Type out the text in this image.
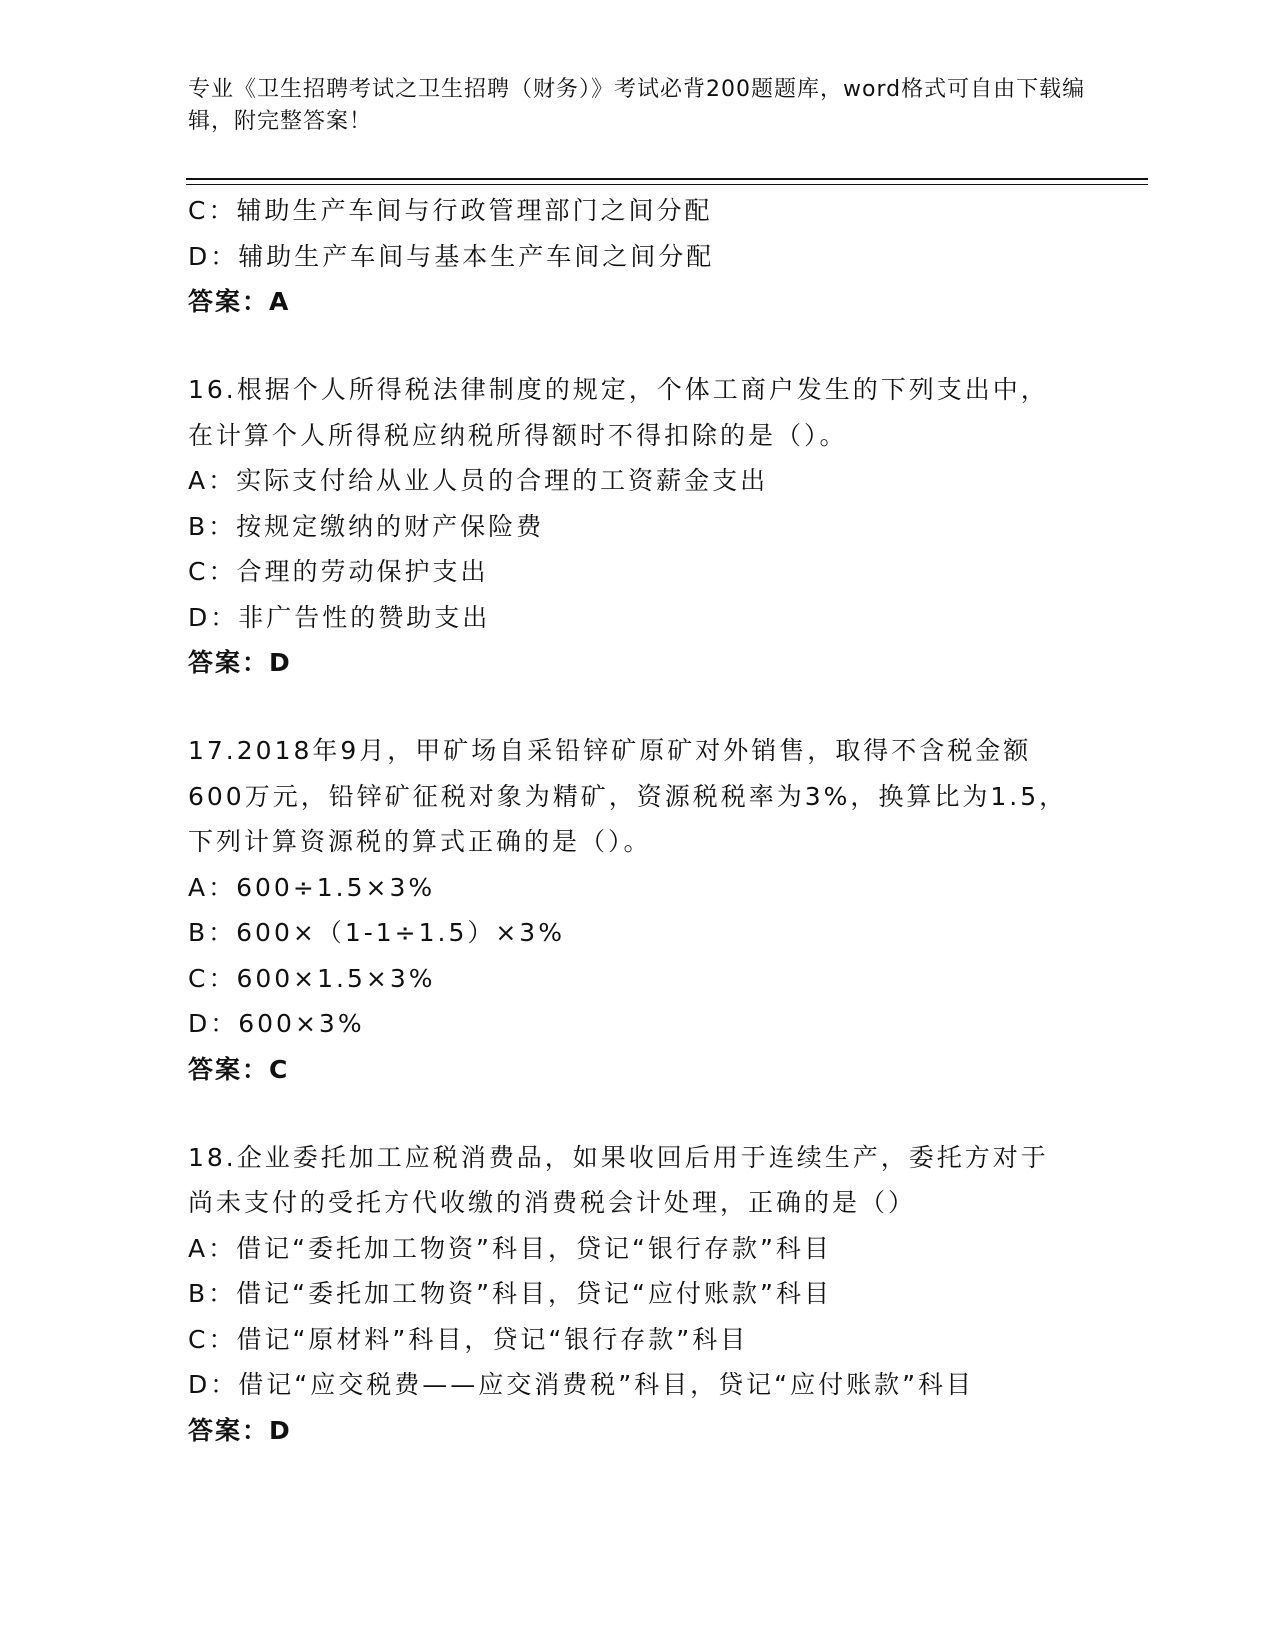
专业《卫生招聘考试之卫生招聘（财务）》考试必背200题题库，word格式可自由下载编辑，附完整答案！
C：辅助生产车间与行政管理部门之间分配
D：辅助生产车间与基本生产车间之间分配
答案：A
16.根据个人所得税法律制度的规定，个体工商户发生的下列支出中，
在计算个人所得税应纳税所得额时不得扣除的是（）。
A：实际支付给从业人员的合理的工资薪金支出
B：按规定缴纳的财产保险费
C：合理的劳动保护支出
D：非广告性的赞助支出
答案：D
17.2018年9月，甲矿场自采铅锌矿原矿对外销售，取得不含税金额
600万元，铅锌矿征税对象为精矿，资源税税率为3%，换算比为1.5，
下列计算资源税的算式正确的是（）。
A：600÷1.5×3%
B：600×（1-1÷1.5）×3%
C：600×1.5×3%
D：600×3%
答案：C
18.企业委托加工应税消费品，如果收回后用于连续生产，委托方对于
尚未支付的受托方代收缴的消费税会计处理，正确的是（）
A：借记“委托加工物资”科目，贷记“银行存款”科目
B：借记“委托加工物资”科目，贷记“应付账款”科目
C：借记“原材料”科目，贷记“银行存款”科目
D：借记“应交税费——应交消费税”科目，贷记“应付账款”科目
答案：D
